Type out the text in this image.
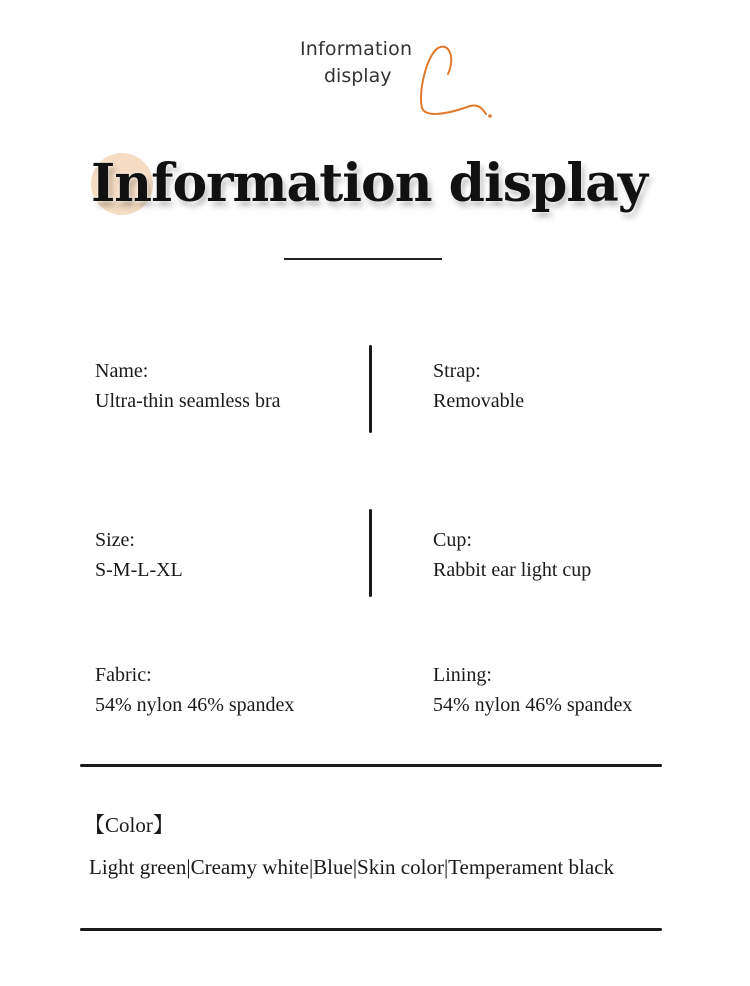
Information
display
Information display
Name:
Ultra-thin seamless bra
Strap:
Removable
Size:
S-M-L-XL
Cup:
Rabbit ear light cup
Fabric:
54% nylon 46% spandex
Lining:
54% nylon 46% spandex
【Color】
Light green|Creamy white|Blue|Skin color|Temperament black
